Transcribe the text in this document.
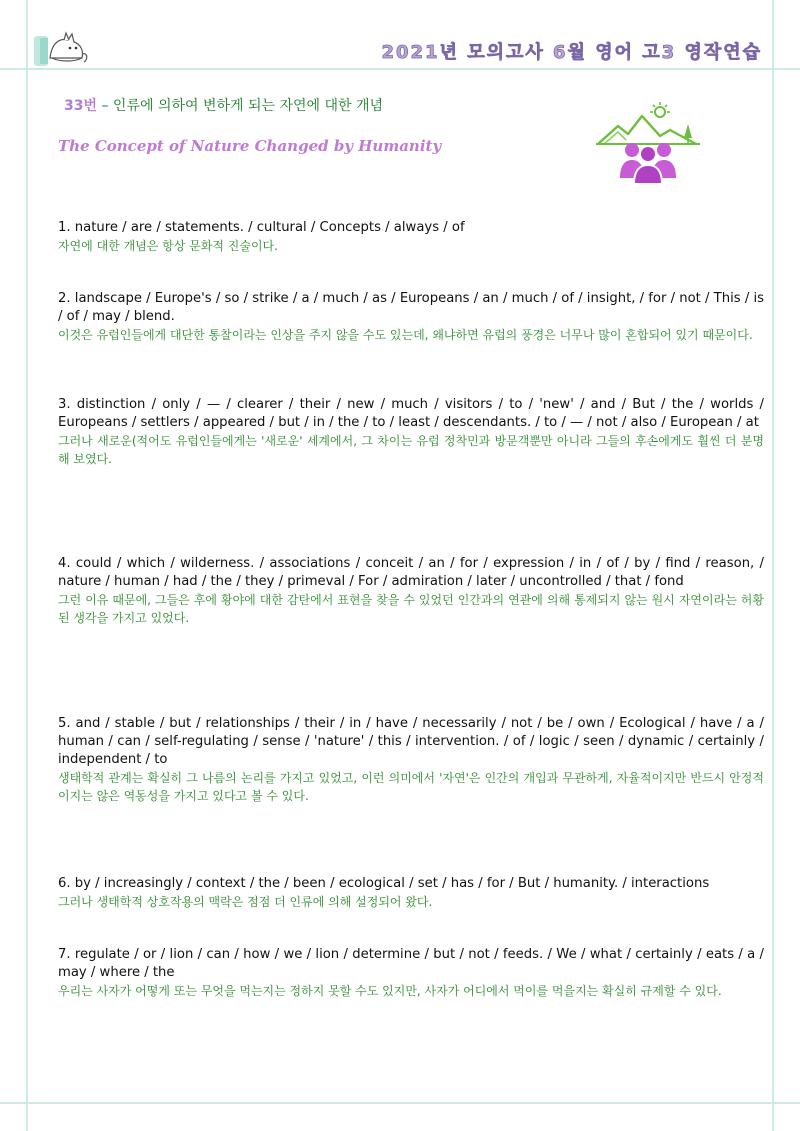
2021년 모의고사 6월 영어 고3 영작연습
33번 – 인류에 의하여 변하게 되는 자연에 대한 개념
The Concept of Nature Changed by Humanity
1. nature / are / statements. / cultural / Concepts / always / of
자연에 대한 개념은 항상 문화적 진술이다.
2. landscape / Europe's / so / strike / a / much / as / Europeans / an / much / of / insight, / for / not / This / is / of / may / blend.
이것은 유럽인들에게 대단한 통찰이라는 인상을 주지 않을 수도 있는데, 왜냐하면 유럽의 풍경은 너무나 많이 혼합되어 있기 때문이다.
3. distinction / only / — / clearer / their / new / much / visitors / to / 'new' / and / But / the / worlds / Europeans / settlers / appeared / but / in / the / to / least / descendants. / to / — / not / also / European / at
그러나 새로운(적어도 유럽인들에게는 '새로운' 세계에서, 그 차이는 유럽 정착민과 방문객뿐만 아니라 그들의 후손에게도 훨씬 더 분명해 보였다.
4. could / which / wilderness. / associations / conceit / an / for / expression / in / of / by / find / reason, / nature / human / had / the / they / primeval / For / admiration / later / uncontrolled / that / fond
그런 이유 때문에, 그들은 후에 황야에 대한 감탄에서 표현을 찾을 수 있었던 인간과의 연관에 의해 통제되지 않는 원시 자연이라는 허황된 생각을 가지고 있었다.
5. and / stable / but / relationships / their / in / have / necessarily / not / be / own / Ecological / have / a / human / can / self-regulating / sense / 'nature' / this / intervention. / of / logic / seen / dynamic / certainly / independent / to
생태학적 관계는 확실히 그 나름의 논리를 가지고 있었고, 이런 의미에서 '자연'은 인간의 개입과 무관하게, 자율적이지만 반드시 안정적이지는 않은 역동성을 가지고 있다고 볼 수 있다.
6. by / increasingly / context / the / been / ecological / set / has / for / But / humanity. / interactions
그러나 생태학적 상호작용의 맥락은 점점 더 인류에 의해 설정되어 왔다.
7. regulate / or / lion / can / how / we / lion / determine / but / not / feeds. / We / what / certainly / eats / a / may / where / the
우리는 사자가 어떻게 또는 무엇을 먹는지는 정하지 못할 수도 있지만, 사자가 어디에서 먹이를 먹을지는 확실히 규제할 수 있다.
